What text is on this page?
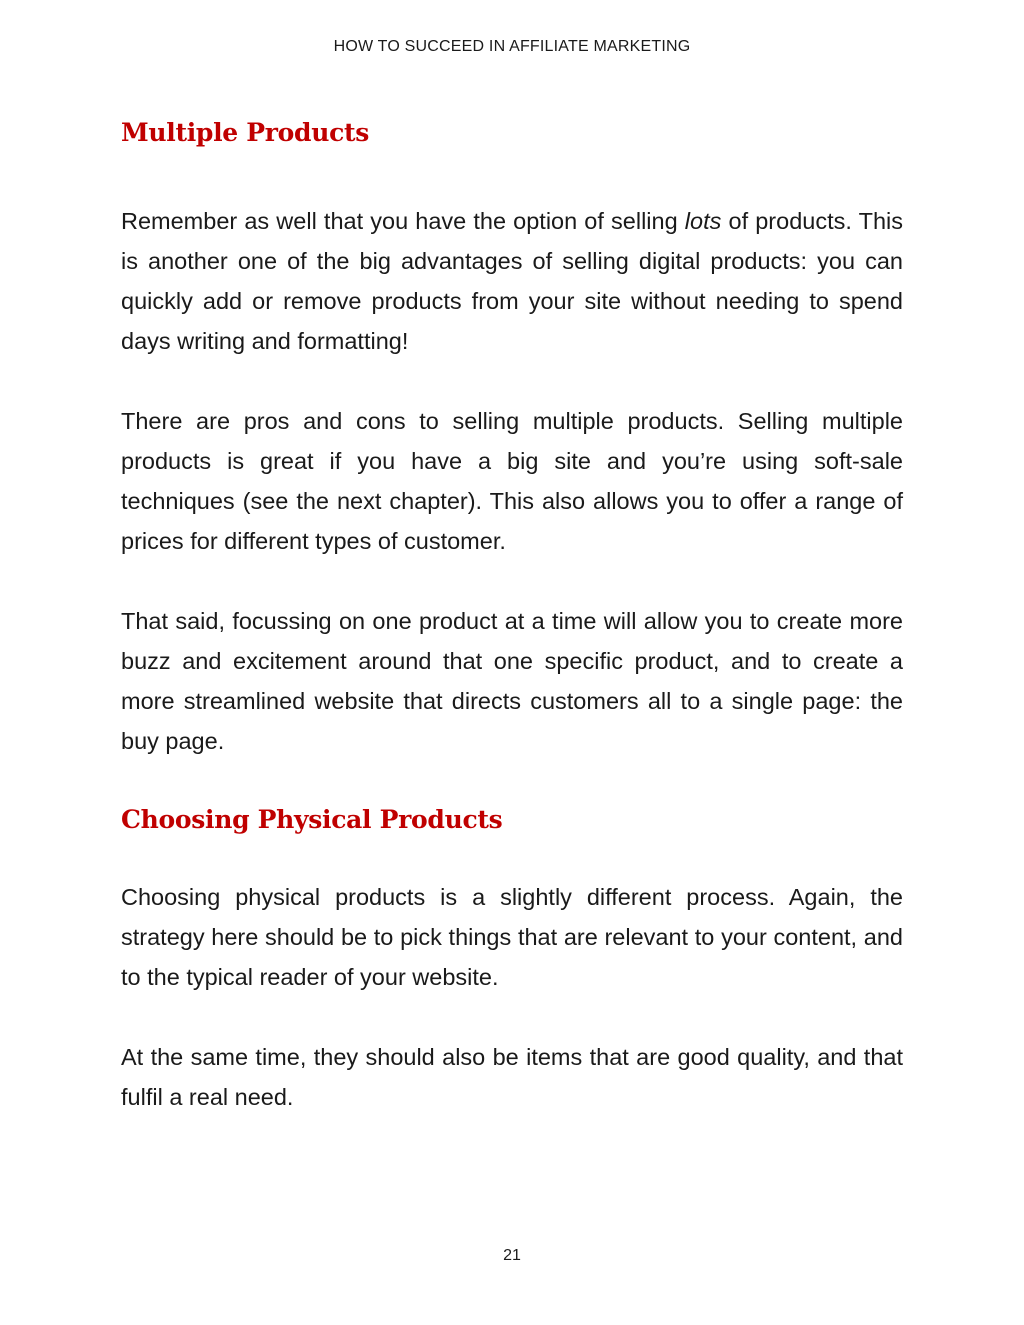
HOW TO SUCCEED IN AFFILIATE MARKETING
Multiple Products

Remember as well that you have the option of selling lots of products. This is another one of the big advantages of selling digital products: you can quickly add or remove products from your site without needing to spend days writing and formatting!

There are pros and cons to selling multiple products. Selling multiple products is great if you have a big site and you’re using soft-sale techniques (see the next chapter). This also allows you to offer a range of prices for different types of customer.

That said, focussing on one product at a time will allow you to create more buzz and excitement around that one specific product, and to create a more streamlined website that directs customers all to a single page: the buy page.

Choosing Physical Products

Choosing physical products is a slightly different process. Again, the strategy here should be to pick things that are relevant to your content, and to the typical reader of your website.

At the same time, they should also be items that are good quality, and that fulfil a real need.

21
